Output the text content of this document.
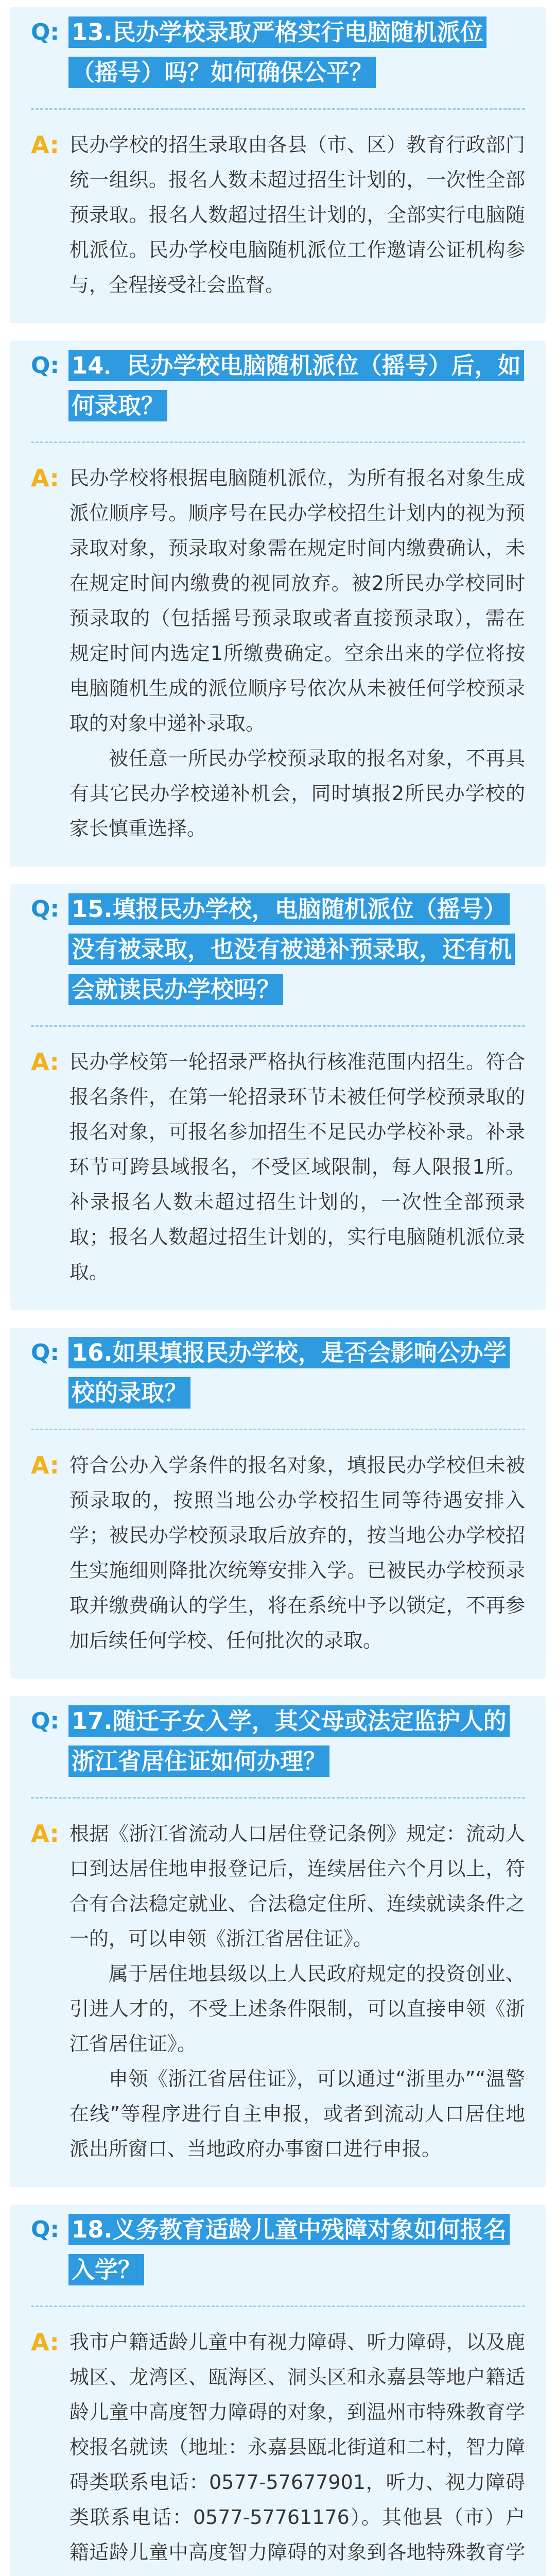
Q: 13.民办学校录取严格实行电脑随机派位（摇号）吗？如何确保公平？
A: 民办学校的招生录取由各县（市、区）教育行政部门统一组织。报名人数未超过招生计划的，一次性全部预录取。报名人数超过招生计划的，全部实行电脑随机派位。民办学校电脑随机派位工作邀请公证机构参与，全程接受社会监督。

Q: 14．民办学校电脑随机派位（摇号）后，如何录取？
A: 民办学校将根据电脑随机派位，为所有报名对象生成派位顺序号。顺序号在民办学校招生计划内的视为预录取对象，预录取对象需在规定时间内缴费确认，未在规定时间内缴费的视同放弃。被2所民办学校同时预录取的（包括摇号预录取或者直接预录取），需在规定时间内选定1所缴费确定。空余出来的学位将按电脑随机生成的派位顺序号依次从未被任何学校预录取的对象中递补录取。

被任意一所民办学校预录取的报名对象，不再具有其它民办学校递补机会，同时填报2所民办学校的家长慎重选择。

Q: 15.填报民办学校，电脑随机派位（摇号）没有被录取，也没有被递补预录取，还有机会就读民办学校吗？
A: 民办学校第一轮招录严格执行核准范围内招生。符合报名条件，在第一轮招录环节未被任何学校预录取的报名对象，可报名参加招生不足民办学校补录。补录环节可跨县域报名，不受区域限制，每人限报1所。补录报名人数未超过招生计划的，一次性全部预录取；报名人数超过招生计划的，实行电脑随机派位录取。

Q: 16.如果填报民办学校，是否会影响公办学校的录取？
A: 符合公办入学条件的报名对象，填报民办学校但未被预录取的，按照当地公办学校招生同等待遇安排入学；被民办学校预录取后放弃的，按当地公办学校招生实施细则降批次统筹安排入学。已被民办学校预录取并缴费确认的学生，将在系统中予以锁定，不再参加后续任何学校、任何批次的录取。

Q: 17.随迁子女入学，其父母或法定监护人的浙江省居住证如何办理？
A: 根据《浙江省流动人口居住登记条例》规定：流动人口到达居住地申报登记后，连续居住六个月以上，符合有合法稳定就业、合法稳定住所、连续就读条件之一的，可以申领《浙江省居住证》。

属于居住地县级以上人民政府规定的投资创业、引进人才的，不受上述条件限制，可以直接申领《浙江省居住证》。

申领《浙江省居住证》，可以通过“浙里办”“温警在线”等程序进行自主申报，或者到流动人口居住地派出所窗口、当地政府办事窗口进行申报。

Q: 18.义务教育适龄儿童中残障对象如何报名入学？
A: 我市户籍适龄儿童中有视力障碍、听力障碍，以及鹿城区、龙湾区、瓯海区、洞头区和永嘉县等地户籍适龄儿童中高度智力障碍的对象，到温州市特殊教育学校报名就读（地址：永嘉县瓯北街道和二村，智力障碍类联系电话：0577-57677901，听力、视力障碍类联系电话：0577-57761176）。其他县（市）户籍适龄儿童中高度智力障碍的对象到各地特殊教育学
